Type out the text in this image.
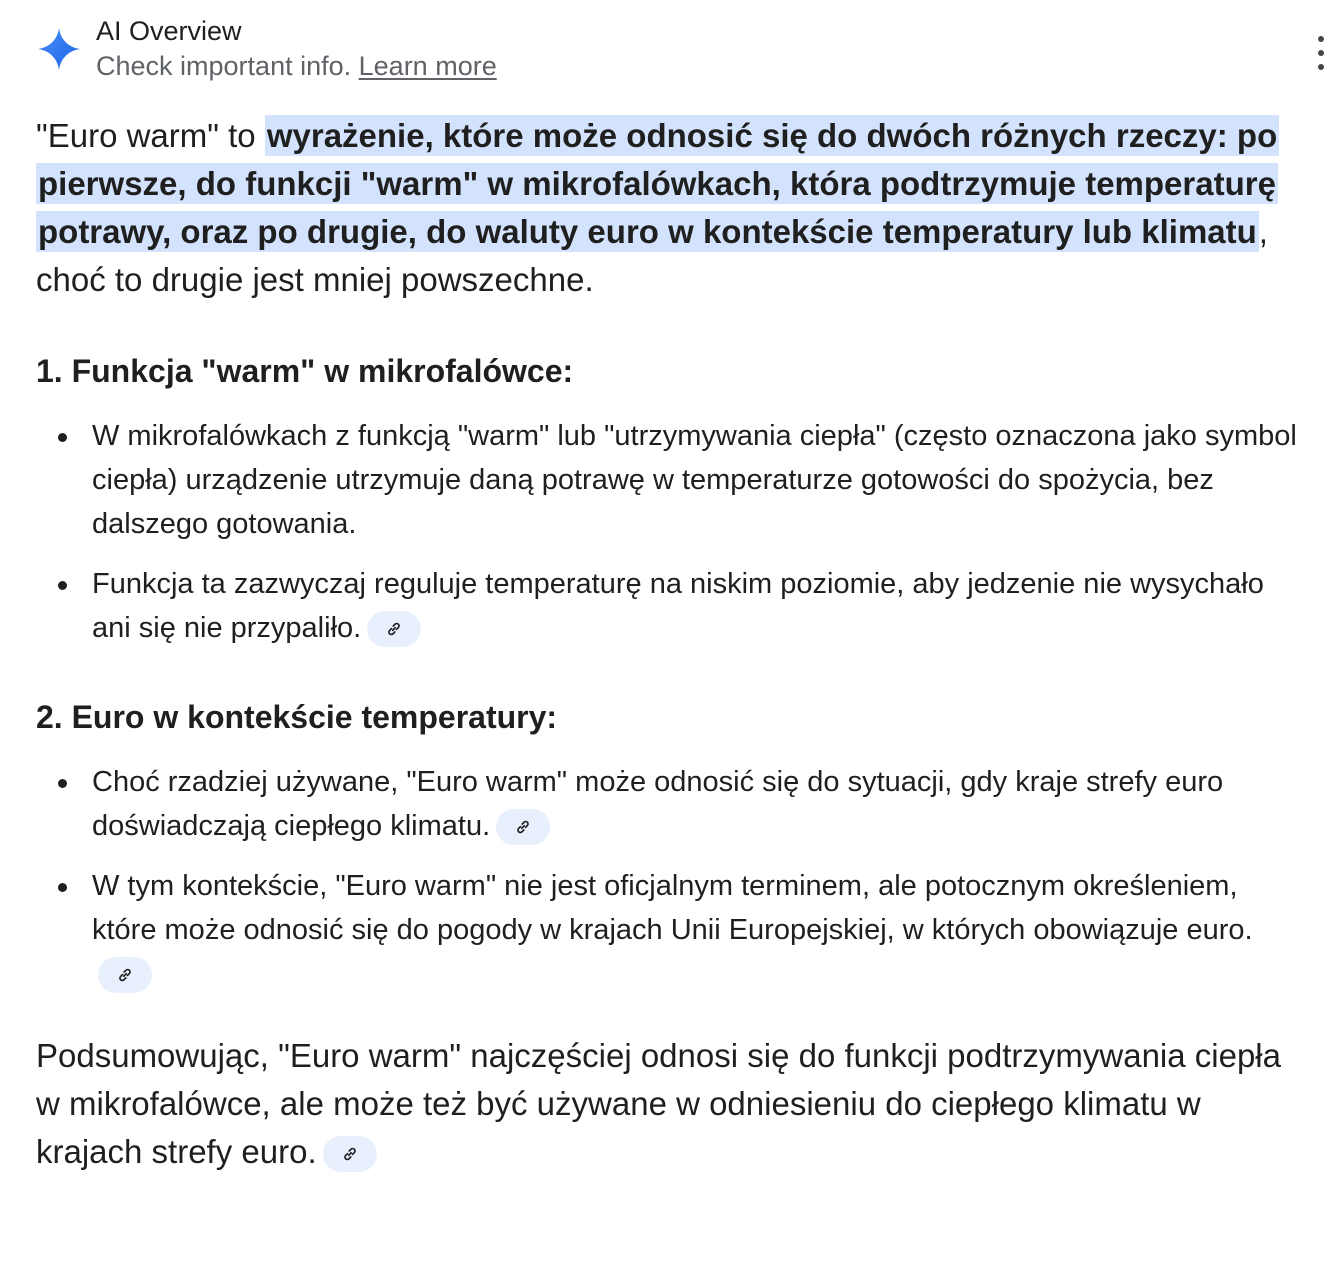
AI Overview
Check important info. Learn more

"Euro warm" to wyrażenie, które może odnosić się do dwóch różnych rzeczy: po pierwsze, do funkcji "warm" w mikrofalówkach, która podtrzymuje temperaturę potrawy, oraz po drugie, do waluty euro w kontekście temperatury lub klimatu, choć to drugie jest mniej powszechne.

1. Funkcja "warm" w mikrofalówce:
W mikrofalówkach z funkcją "warm" lub "utrzymywania ciepła" (często oznaczona jako symbol ciepła) urządzenie utrzymuje daną potrawę w temperaturze gotowości do spożycia, bez dalszego gotowania.
Funkcja ta zazwyczaj reguluje temperaturę na niskim poziomie, aby jedzenie nie wysychało ani się nie przypaliło.
2. Euro w kontekście temperatury:
Choć rzadziej używane, "Euro warm" może odnosić się do sytuacji, gdy kraje strefy euro doświadczają ciepłego klimatu.
W tym kontekście, "Euro warm" nie jest oficjalnym terminem, ale potocznym określeniem, które może odnosić się do pogody w krajach Unii Europejskiej, w których obowiązuje euro.

Podsumowując, "Euro warm" najczęściej odnosi się do funkcji podtrzymywania ciepła w mikrofalówce, ale może też być używane w odniesieniu do ciepłego klimatu w krajach strefy euro.
